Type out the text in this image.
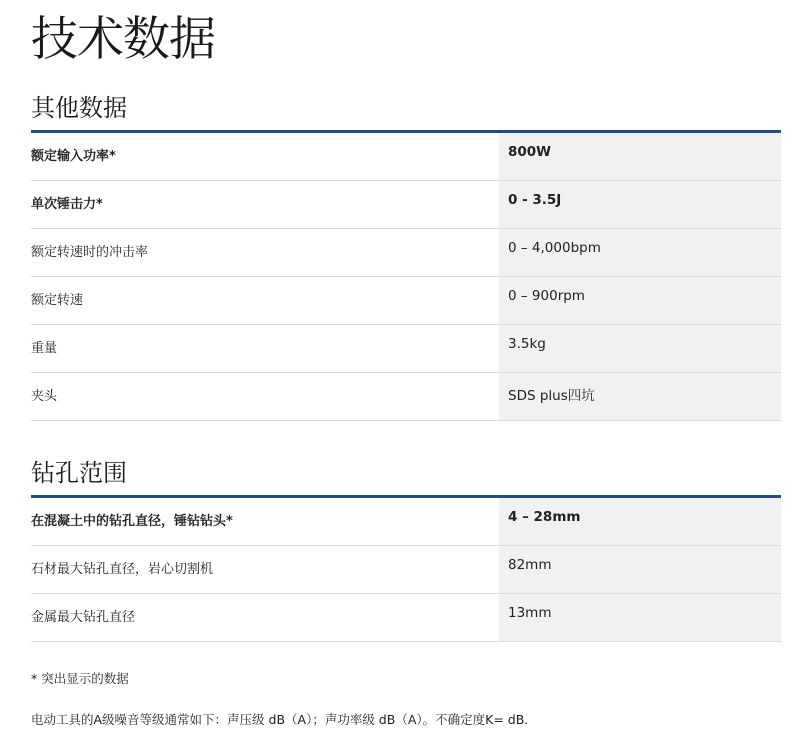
技术数据
其他数据
额定输入功率*	800W
单次锤击力*	0 - 3.5J
额定转速时的冲击率	0 – 4,000bpm
额定转速	0 – 900rpm
重量	3.5kg
夹头	SDS plus四坑
钻孔范围
在混凝土中的钻孔直径，锤钻钻头*	4 – 28mm
石材最大钻孔直径，岩心切割机	82mm
金属最大钻孔直径	13mm
* 突出显示的数据
电动工具的A级噪音等级通常如下：声压级 dB（A）；声功率级 dB（A）。不确定度K= dB.
